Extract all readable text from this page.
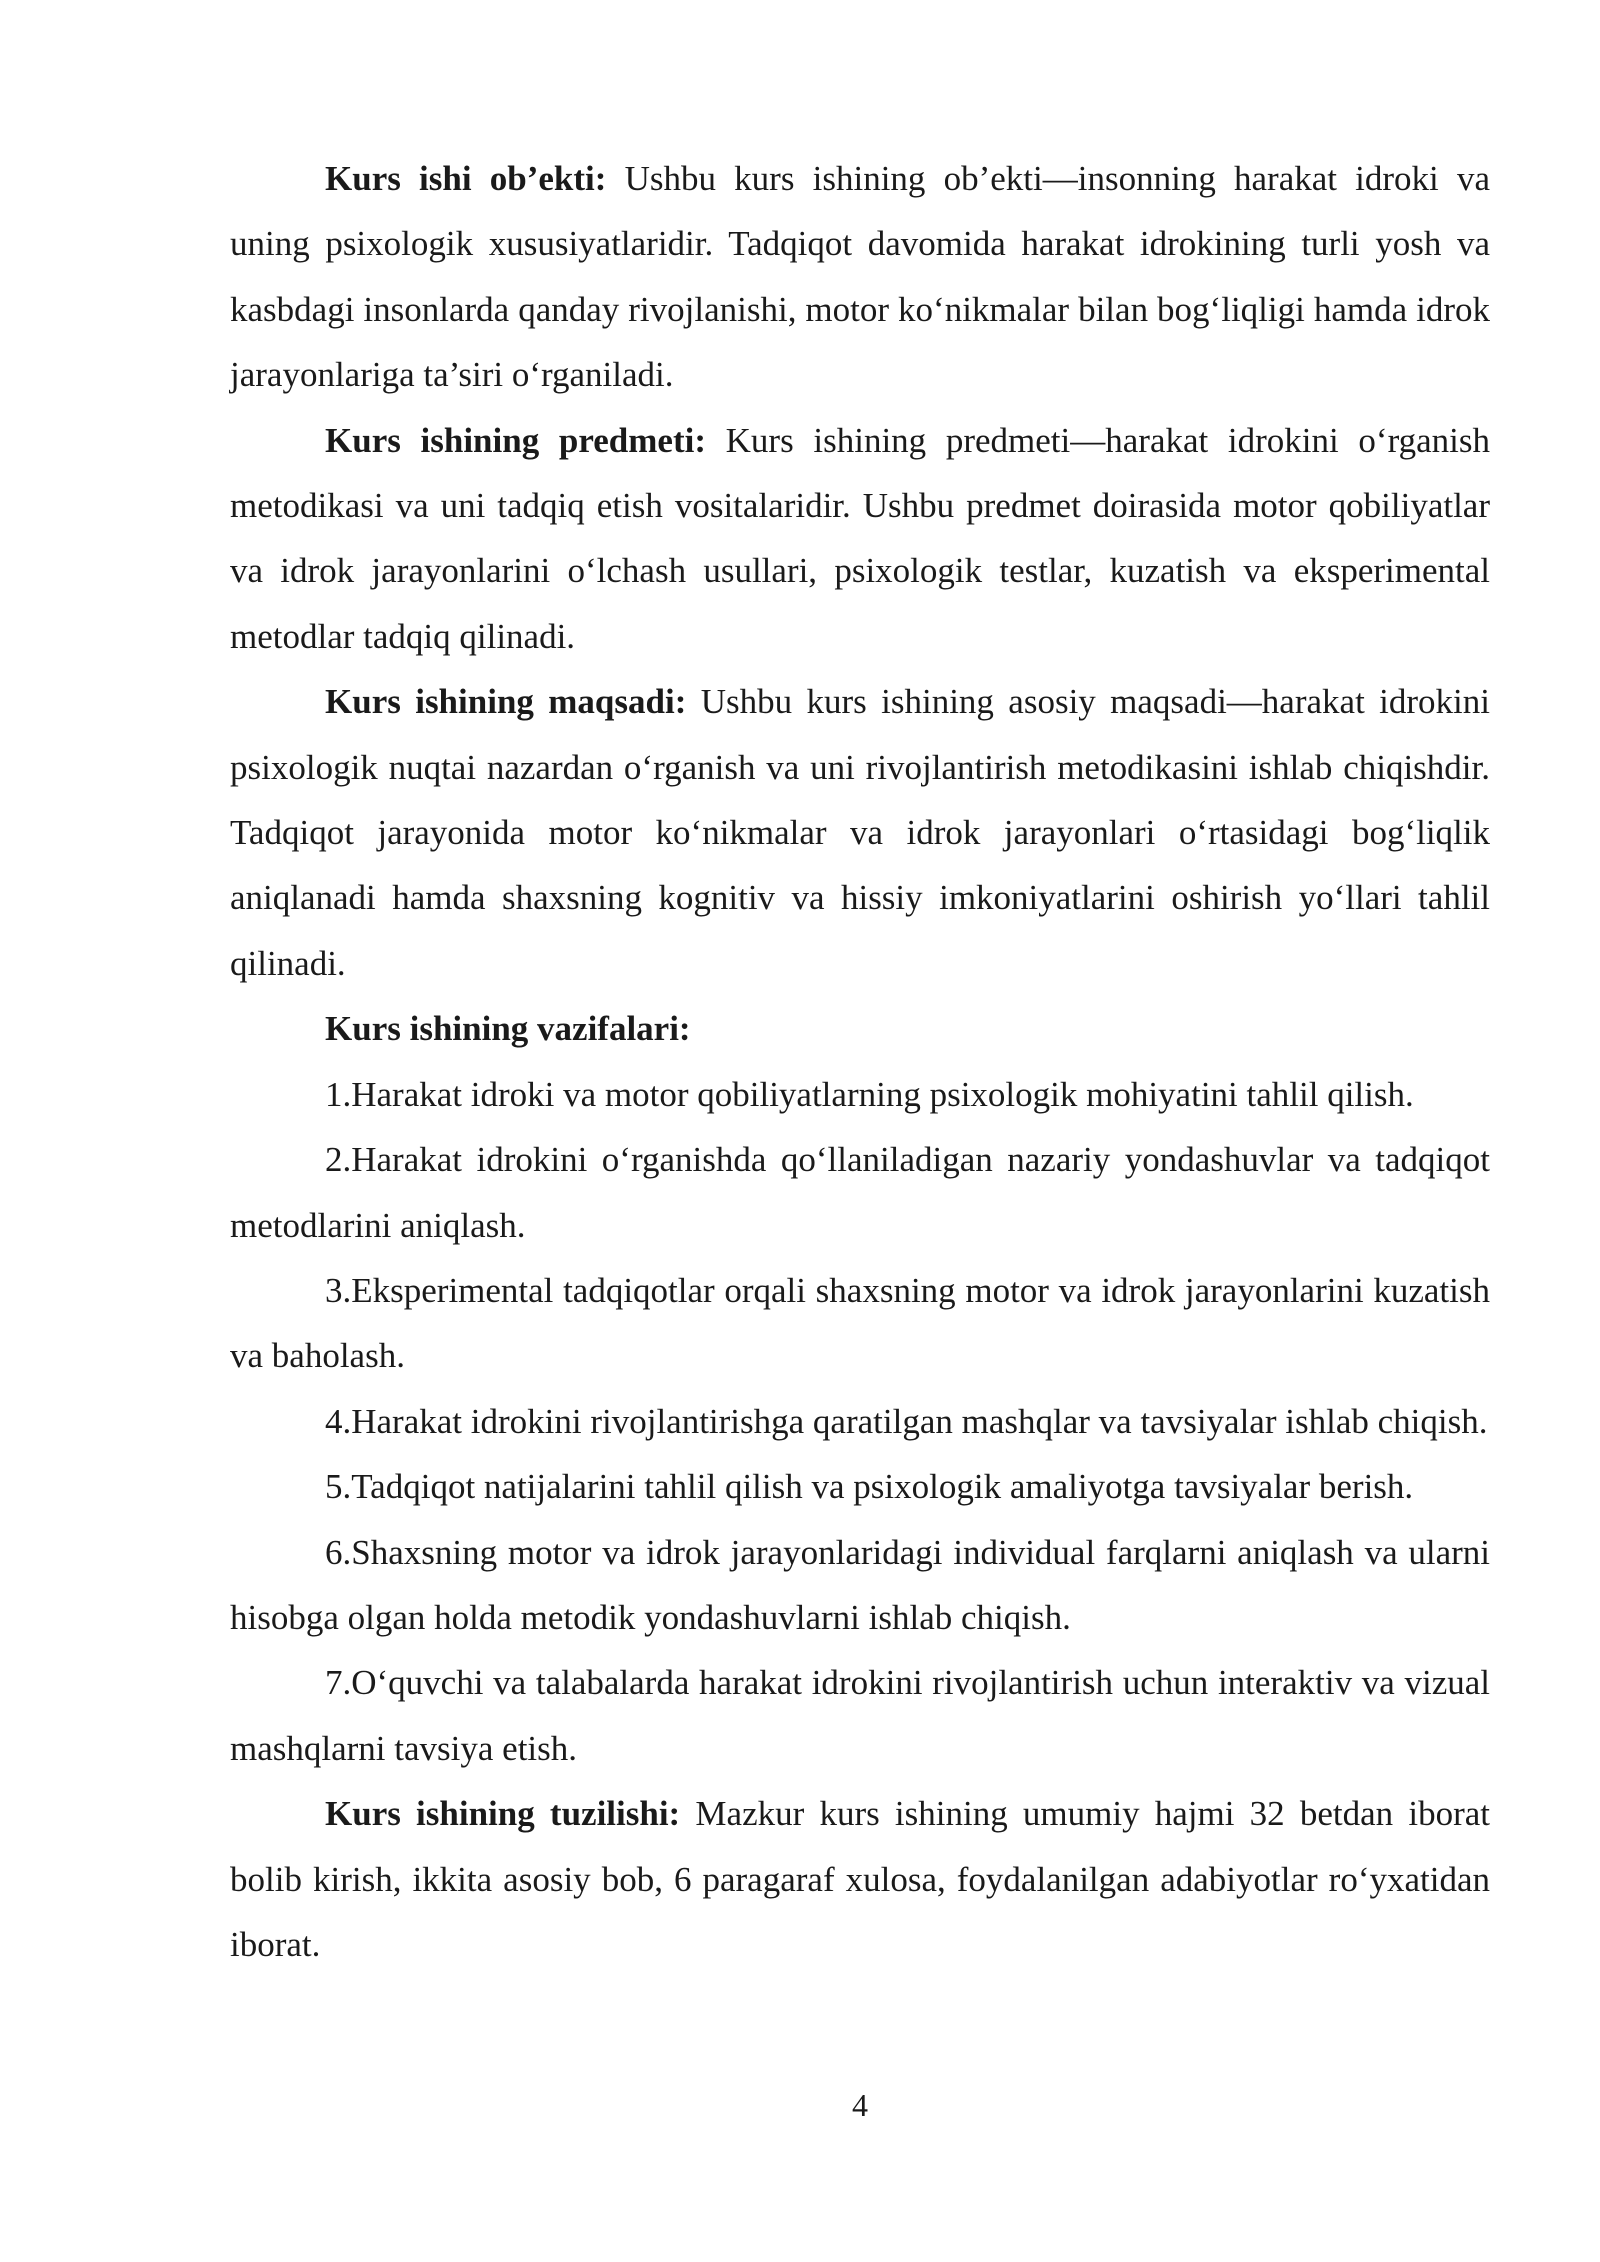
Kurs ishi ob’ekti: Ushbu kurs ishining ob’ekti—insonning harakat idroki va uning psixologik xususiyatlaridir. Tadqiqot davomida harakat idrokining turli yosh va kasbdagi insonlarda qanday rivojlanishi, motor ko‘nikmalar bilan bog‘liqligi hamda idrok jarayonlariga ta’siri o‘rganiladi.

Kurs ishining predmeti: Kurs ishining predmeti—harakat idrokini o‘rganish metodikasi va uni tadqiq etish vositalaridir. Ushbu predmet doirasida motor qobiliyatlar va idrok jarayonlarini o‘lchash usullari, psixologik testlar, kuzatish va eksperimental metodlar tadqiq qilinadi.

Kurs ishining maqsadi: Ushbu kurs ishining asosiy maqsadi—harakat idrokini psixologik nuqtai nazardan o‘rganish va uni rivojlantirish metodikasini ishlab chiqishdir. Tadqiqot jarayonida motor ko‘nikmalar va idrok jarayonlari o‘rtasidagi bog‘liqlik aniqlanadi hamda shaxsning kognitiv va hissiy imkoniyatlarini oshirish yo‘llari tahlil qilinadi.

Kurs ishining vazifalari:

1.Harakat idroki va motor qobiliyatlarning psixologik mohiyatini tahlil qilish.

2.Harakat idrokini o‘rganishda qo‘llaniladigan nazariy yondashuvlar va tadqiqot metodlarini aniqlash.

3.Eksperimental tadqiqotlar orqali shaxsning motor va idrok jarayonlarini kuzatish va baholash.

4.Harakat idrokini rivojlantirishga qaratilgan mashqlar va tavsiyalar ishlab chiqish.

5.Tadqiqot natijalarini tahlil qilish va psixologik amaliyotga tavsiyalar berish.

6.Shaxsning motor va idrok jarayonlaridagi individual farqlarni aniqlash va ularni hisobga olgan holda metodik yondashuvlarni ishlab chiqish.

7.O‘quvchi va talabalarda harakat idrokini rivojlantirish uchun interaktiv va vizual mashqlarni tavsiya etish.

Kurs ishining tuzilishi: Mazkur kurs ishining umumiy hajmi 32 betdan iborat bolib kirish, ikkita asosiy bob, 6 paragaraf xulosa, foydalanilgan adabiyotlar ro‘yxatidan iborat.

4
